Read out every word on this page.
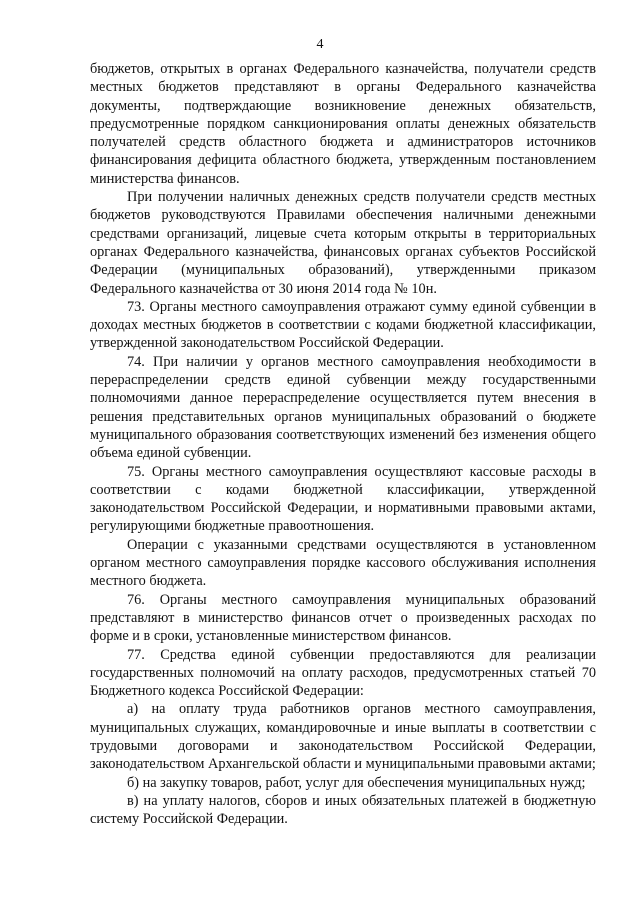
4

бюджетов, открытых в органах Федерального казначейства, получатели средств местных бюджетов представляют в органы Федерального казначейства документы, подтверждающие возникновение денежных обязательств, предусмотренные порядком санкционирования оплаты денежных обязательств получателей средств областного бюджета и администраторов источников финансирования дефицита областного бюджета, утвержденным постановлением министерства финансов.

При получении наличных денежных средств получатели средств местных бюджетов руководствуются Правилами обеспечения наличными денежными средствами организаций, лицевые счета которым открыты в территориальных органах Федерального казначейства, финансовых органах субъектов Российской Федерации (муниципальных образований), утвержденными приказом Федерального казначейства от 30 июня 2014 года № 10н.

73. Органы местного самоуправления отражают сумму единой субвенции в доходах местных бюджетов в соответствии с кодами бюджетной классификации, утвержденной законодательством Российской Федерации.

74. При наличии у органов местного самоуправления необходимости в перераспределении средств единой субвенции между государственными полномочиями данное перераспределение осуществляется путем внесения в решения представительных органов муниципальных образований о бюджете муниципального образования соответствующих изменений без изменения общего объема единой субвенции.

75. Органы местного самоуправления осуществляют кассовые расходы в соответствии с кодами бюджетной классификации, утвержденной законодательством Российской Федерации, и нормативными правовыми актами, регулирующими бюджетные правоотношения.

Операции с указанными средствами осуществляются в установленном органом местного самоуправления порядке кассового обслуживания исполнения местного бюджета.

76. Органы местного самоуправления муниципальных образований представляют в министерство финансов отчет о произведенных расходах по форме и в сроки, установленные министерством финансов.

77. Средства единой субвенции предоставляются для реализации государственных полномочий на оплату расходов, предусмотренных статьей 70 Бюджетного кодекса Российской Федерации:

а) на оплату труда работников органов местного самоуправления, муниципальных служащих, командировочные и иные выплаты в соответствии с трудовыми договорами и законодательством Российской Федерации, законодательством Архангельской области и муниципальными правовыми актами;

б) на закупку товаров, работ, услуг для обеспечения муниципальных нужд;

в) на уплату налогов, сборов и иных обязательных платежей в бюджетную систему Российской Федерации.
